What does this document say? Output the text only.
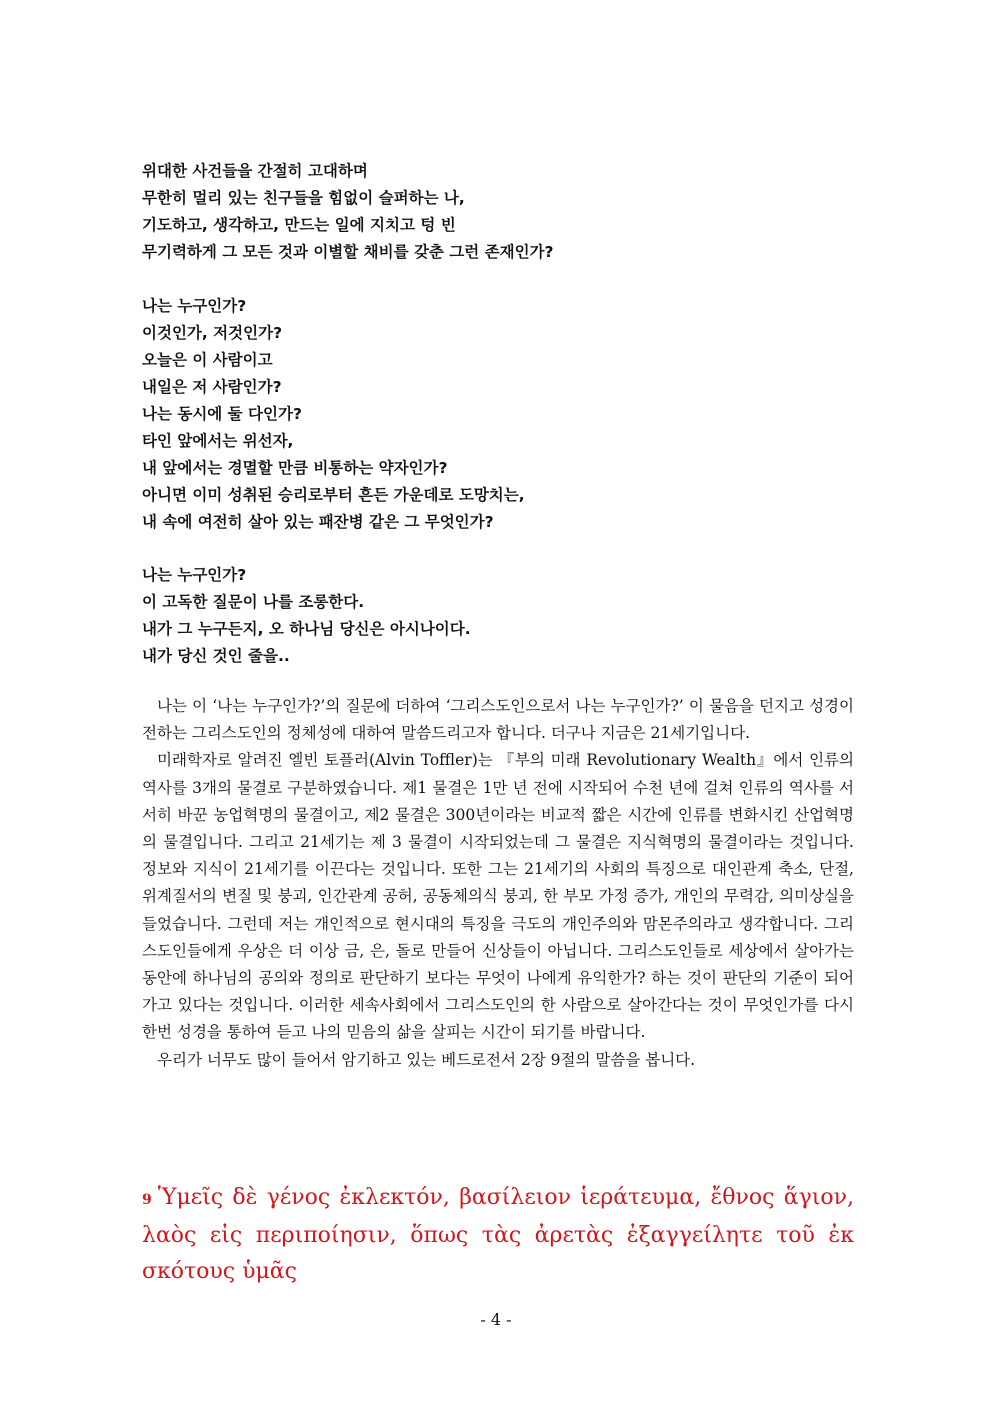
위대한 사건들을 간절히 고대하며
무한히 멀리 있는 친구들을 힘없이 슬퍼하는 나,
기도하고, 생각하고, 만드는 일에 지치고 텅 빈
무기력하게 그 모든 것과 이별할 채비를 갖춘 그런 존재인가?
나는 누구인가?
이것인가, 저것인가?
오늘은 이 사람이고
내일은 저 사람인가?
나는 동시에 둘 다인가?
타인 앞에서는 위선자,
내 앞에서는 경멸할 만큼 비통하는 약자인가?
아니면 이미 성취된 승리로부터 흔든 가운데로 도망치는,
내 속에 여전히 살아 있는 패잔병 같은 그 무엇인가?
나는 누구인가?
이 고독한 질문이 나를 조롱한다.
내가 그 누구든지, 오 하나님 당신은 아시나이다.
내가 당신 것인 줄을..

나는 이 ‘나는 누구인가?’의 질문에 더하여 ‘그리스도인으로서 나는 누구인가?’ 이 물음을 던지고 성경이 전하는 그리스도인의 정체성에 대하여 말씀드리고자 합니다. 더구나 지금은 21세기입니다.

미래학자로 알려진 엘빈 토플러(Alvin Toffler)는 『부의 미래 Revolutionary Wealth』에서 인류의 역사를 3개의 물결로 구분하였습니다. 제1 물결은 1만 년 전에 시작되어 수천 년에 걸쳐 인류의 역사를 서서히 바꾼 농업혁명의 물결이고, 제2 물결은 300년이라는 비교적 짧은 시간에 인류를 변화시킨 산업혁명의 물결입니다. 그리고 21세기는 제 3 물결이 시작되었는데 그 물결은 지식혁명의 물결이라는 것입니다. 정보와 지식이 21세기를 이끈다는 것입니다. 또한 그는 21세기의 사회의 특징으로 대인관계 축소, 단절, 위계질서의 변질 및 붕괴, 인간관계 공허, 공동체의식 붕괴, 한 부모 가정 증가, 개인의 무력감, 의미상실을 들었습니다. 그런데 저는 개인적으로 현시대의 특징을 극도의 개인주의와 맘몬주의라고 생각합니다. 그리스도인들에게 우상은 더 이상 금, 은, 돌로 만들어 신상들이 아닙니다. 그리스도인들로 세상에서 살아가는 동안에 하나님의 공의와 정의로 판단하기 보다는 무엇이 나에게 유익한가? 하는 것이 판단의 기준이 되어가고 있다는 것입니다. 이러한 세속사회에서 그리스도인의 한 사람으로 살아간다는 것이 무엇인가를 다시 한번 성경을 통하여 듣고 나의 믿음의 삶을 살피는 시간이 되기를 바랍니다.

우리가 너무도 많이 들어서 암기하고 있는 베드로전서 2장 9절의 말씀을 봅니다.

9 Ὑμεῖς δὲ γένος ἐκλεκτόν, βασίλειον ἱεράτευμα, ἔθνος ἅγιον, λαὸς εἰς περιποίησιν, ὅπως τὰς ἀρετὰς ἐξαγγείλητε τοῦ ἐκ σκότους ὑμᾶς
- 4 -
